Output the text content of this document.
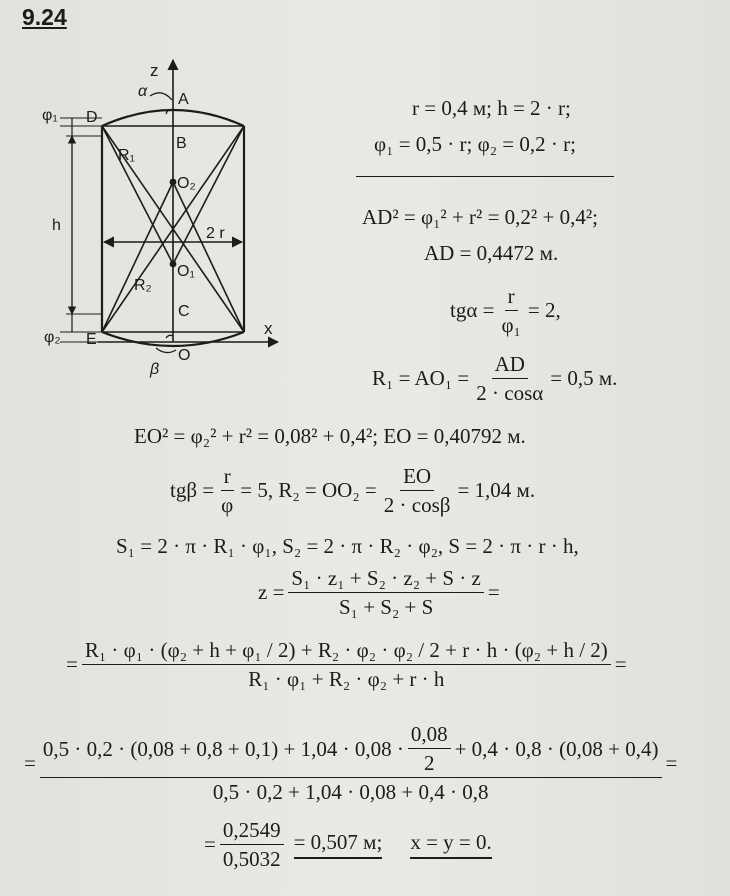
9.24
z
α A
φ₁ D
B
R₁
O₂
h	2 r
O₁
R₂
C
φ₂ E
x
O
β
r = 0,4 м; h = 2 · r;
φ₁ = 0,5 · r; φ₂ = 0,2 · r;
AD² = φ₁² + r² = 0,2² + 0,4²;
AD = 0,4472 м.
$tg\alpha = \frac{r}{\text{φ₁}} = 2$,
$R_1 = AO_1 = \frac{AD}{2 \cdot \cos\alpha} = 0,5$ м.
EO² = φ₂² + r² = 0,08² + 0,4²; EO = 0,40792 м.
$tg\beta = \frac{r}{\varphi} = 5$, $R_2 = OO_2 = \frac{EO}{2 \cdot \cos\beta} = 1,04$ м.
S₁ = 2 · π · R₁ · φ₁, S₂ = 2 · π · R₂ · φ₂, S = 2 · π · r · h,
$z = \frac{\text{S₁ · z₁ + S₂ · z₂ + S · z}}{\text{S₁ + S₂ + S}}$ =
=
R₁ · φ₁ · (φ₂ + h + φ₁ / 2) + R₂ · φ₂ · φ₂ / 2 + r · h · (φ₂ + h / 2)
R₁ · φ₁ + R₂ · φ₂ + r · h
=
=
$0,5 \cdot 0,2 \cdot (0,08 + 0,8 + 0,1) + 1,04 \cdot 0,08 \cdot \frac{0,08}{2} + 0,4 \cdot 0,8 \cdot (0,08 + 0,4)$
0,5 · 0,2 + 1,04 · 0,08 + 0,4 · 0,8
=
= $\frac{0,2549}{0,5032} = 0,507$ м; x = y = 0.
